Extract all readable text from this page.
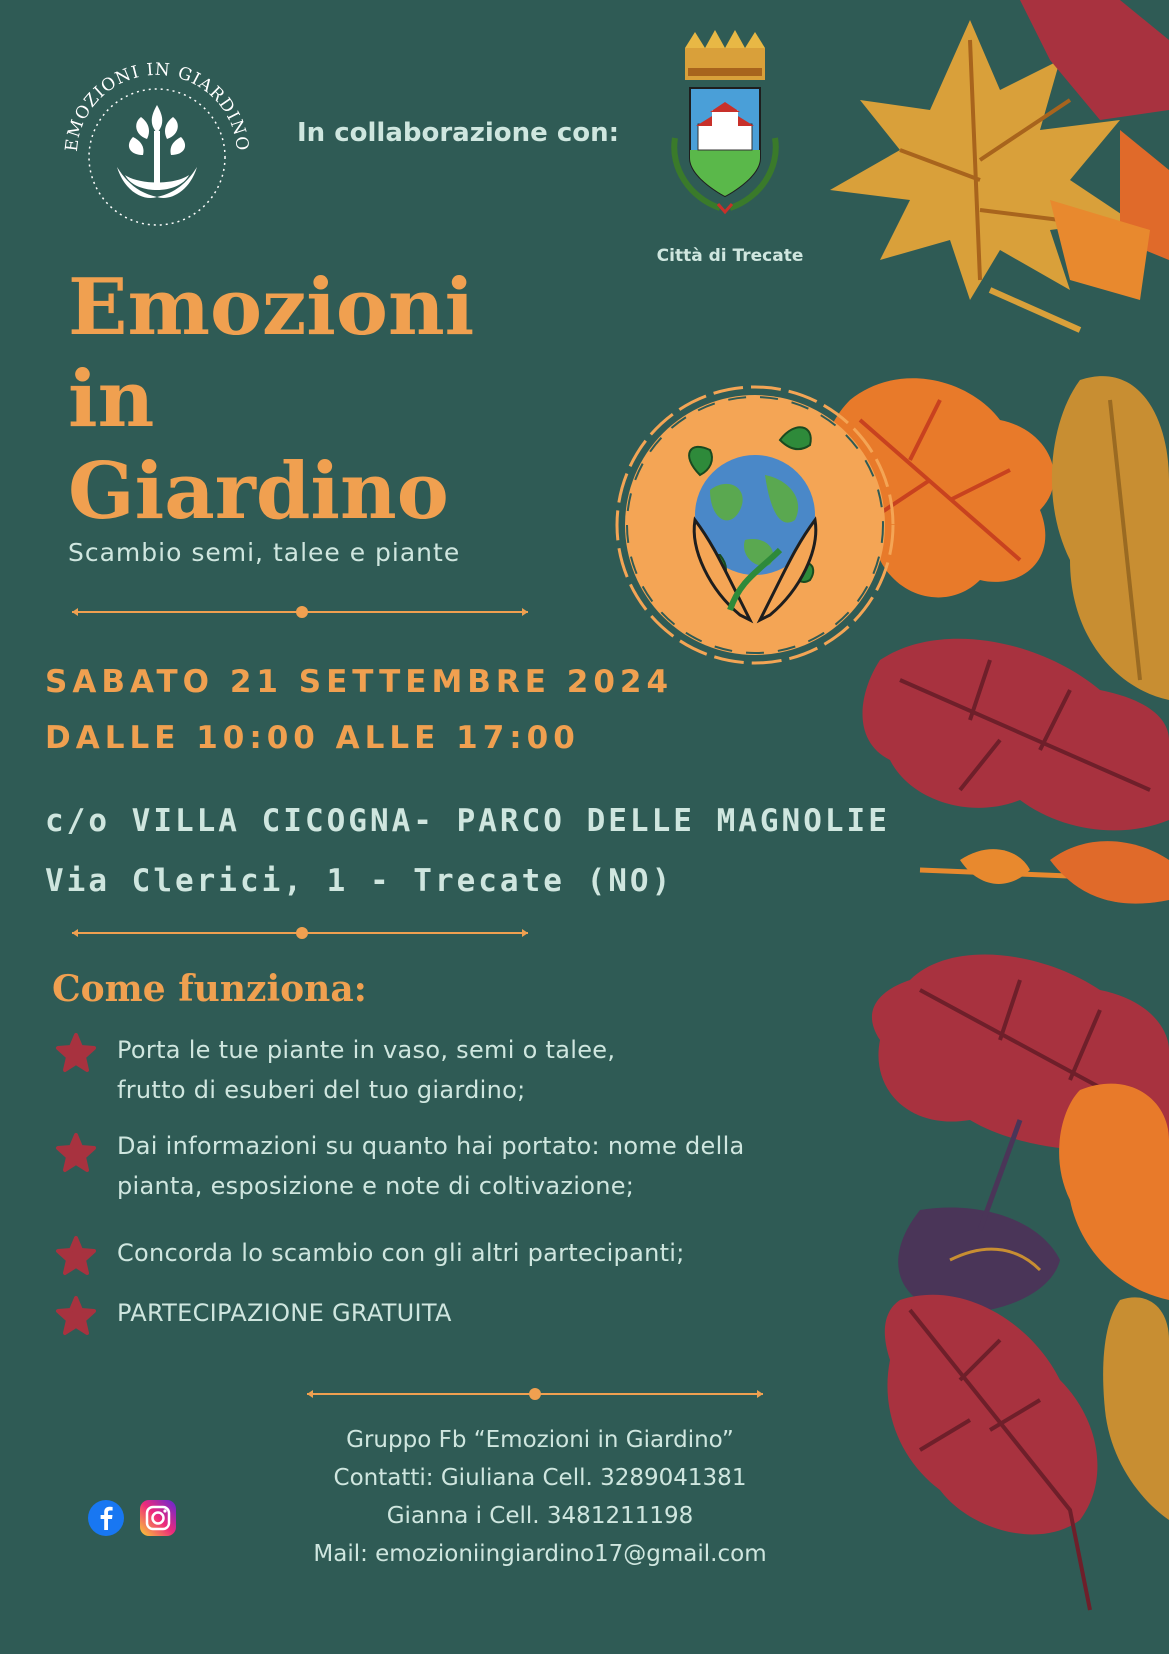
EMOZIONI IN GIARDINO In collaborazione con:
Città di Trecate
Emozioni
in
Giardino
Scambio semi, talee e piante
SABATO 21 SETTEMBRE 2024
DALLE 10:00 ALLE 17:00
c/o VILLA CICOGNA- PARCO DELLE MAGNOLIE
Via Clerici, 1 - Trecate (NO)
Come funziona:
Porta le tue piante in vaso, semi o talee,
frutto di esuberi del tuo giardino;
Dai informazioni su quanto hai portato: nome della
pianta, esposizione e note di coltivazione;
Concorda lo scambio con gli altri partecipanti;
PARTECIPAZIONE GRATUITA
Gruppo Fb “Emozioni in Giardino”
Contatti: Giuliana Cell. 3289041381
Gianna i Cell. 3481211198
Mail: emozioniingiardino17@gmail.com
